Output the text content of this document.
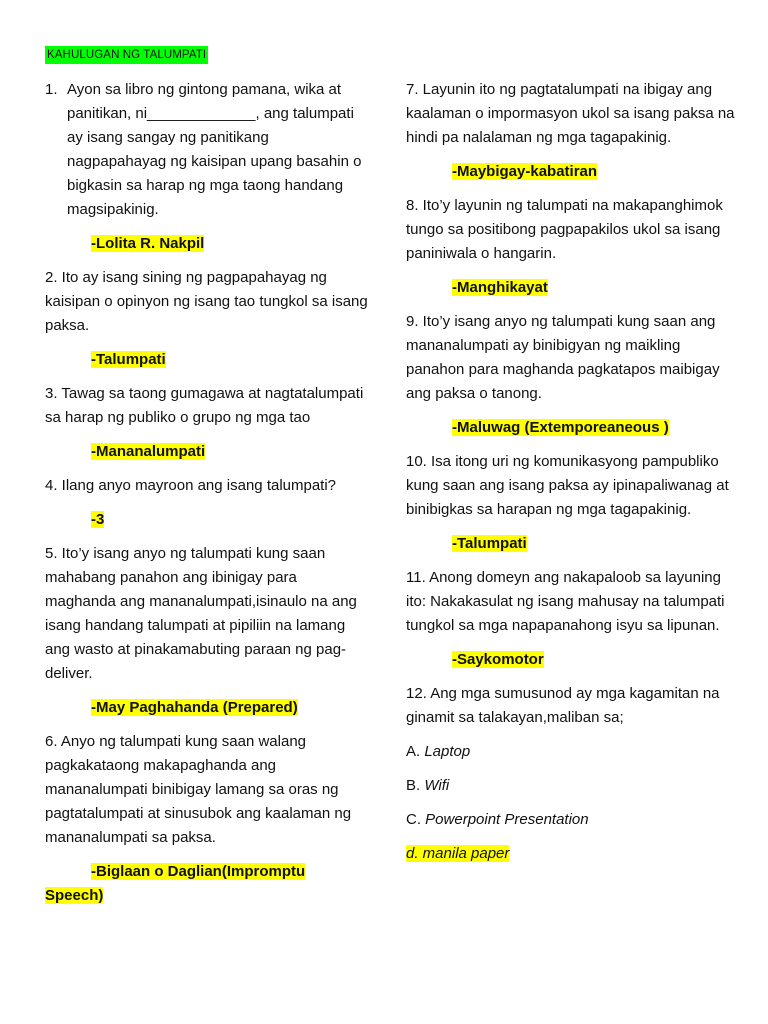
KAHULUGAN NG TALUMPATI
1. Ayon sa libro ng gintong pamana, wika at panitikan, ni_____________, ang talumpati ay isang sangay ng panitikang nagpapahayag ng kaisipan upang basahin o bigkasin sa harap ng mga taong handang magsipakinig.
-Lolita R. Nakpil

2. Ito ay isang sining ng pagpapahayag ng kaisipan o opinyon ng isang tao tungkol sa isang paksa.

-Talumpati

3. Tawag sa taong gumagawa at nagtatalumpati sa harap ng publiko o grupo ng mga tao

-Mananalumpati

4. Ilang anyo mayroon ang isang talumpati?

-3

5. Ito’y isang anyo ng talumpati kung saan mahabang panahon ang ibinigay para maghanda ang mananalumpati,isinaulo na ang isang handang talumpati at pipiliin na lamang ang wasto at pinakamabuting paraan ng pag-deliver.

-May Paghahanda (Prepared)

6. Anyo ng talumpati kung saan walang pagkakataong makapaghanda ang mananalumpati binibigay lamang sa oras ng pagtatalumpati at sinusubok ang kaalaman ng mananalumpati sa paksa.

-Biglaan o Daglian(Impromptu
Speech)

7. Layunin ito ng pagtatalumpati na ibigay ang kaalaman o impormasyon ukol sa isang paksa na hindi pa nalalaman ng mga tagapakinig.

-Maybigay-kabatiran

8. Ito’y layunin ng talumpati na makapanghimok tungo sa positibong pagpapakilos ukol sa isang paniniwala o hangarin.

-Manghikayat

9. Ito’y isang anyo ng talumpati kung saan ang mananalumpati ay binibigyan ng maikling panahon para maghanda pagkatapos maibigay ang paksa o tanong.

-Maluwag (Extemporeaneous )

10. Isa itong uri ng komunikasyong pampubliko kung saan ang isang paksa ay ipinapaliwanag at binibigkas sa harapan ng mga tagapakinig.

-Talumpati

11. Anong domeyn ang nakapaloob sa layuning ito: Nakakasulat ng isang mahusay na talumpati tungkol sa mga napapanahong isyu sa lipunan.

-Saykomotor

12. Ang mga sumusunod ay mga kagamitan na ginamit sa talakayan,maliban sa;

A. Laptop

B. Wifi

C. Powerpoint Presentation

d. manila paper
